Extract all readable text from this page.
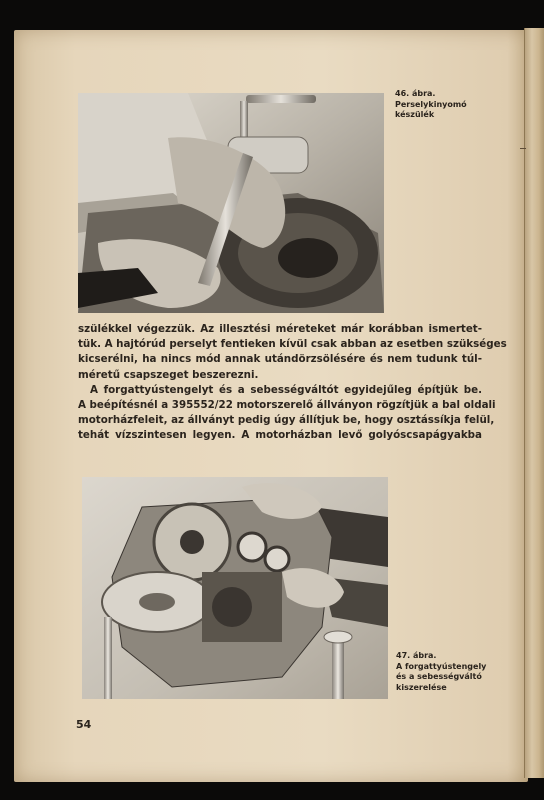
46. ábra.
Perselykinyomó
készülék
szülékkel végezzük. Az illesztési méreteket már korábban ismertet-
tük. A hajtórúd perselyt fentieken kívül csak abban az esetben szükséges
kicserélni, ha nincs mód annak utándörzsölésére és nem tudunk túl-
méretű csapszeget beszerezni.
A forgattyústengelyt és a sebességváltót egyidejűleg építjük be.
A beépítésnél a 395552/22 motorszerelő állványon rögzítjük a bal oldali
motorházfeleit, az állványt pedig úgy állítjuk be, hogy osztássíkja felül,
tehát vízszintesen legyen. A motorházban levő golyóscsapágyakba
47. ábra.
A forgattyústengely
és a sebességváltó
kiszerelése
54
